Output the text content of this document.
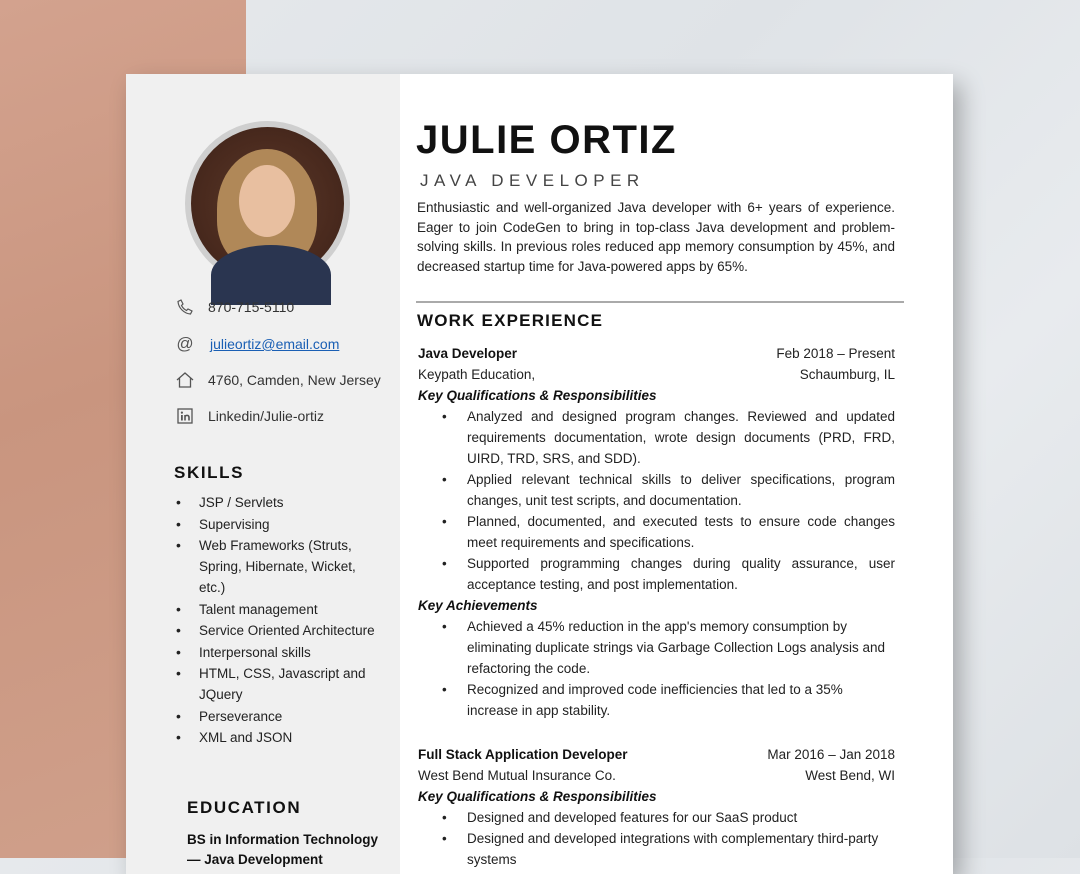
870-715-5110
@ julieortiz@email.com
4760, Camden, New Jersey
Linkedin/Julie-ortiz
SKILLS
• JSP / Servlets
• Supervising
• Web Frameworks (Struts, Spring, Hibernate, Wicket, etc.)
• Talent management
• Service Oriented Architecture
• Interpersonal skills
• HTML, CSS, Javascript and JQuery
• Perseverance
• XML and JSON
EDUCATION
BS in Information Technology — Java Development
JULIE ORTIZ
JAVA DEVELOPER
Enthusiastic and well-organized Java developer with 6+ years of experience. Eager to join CodeGen to bring in top-class Java development and problem-solving skills. In previous roles reduced app memory consumption by 45%, and decreased startup time for Java-powered apps by 65%.
WORK EXPERIENCE
Java Developer	Feb 2018 – Present
Keypath Education,	Schaumburg, IL
Key Qualifications & Responsibilities
• Analyzed and designed program changes. Reviewed and updated requirements documentation, wrote design documents (PRD, FRD, UIRD, TRD, SRS, and SDD).
• Applied relevant technical skills to deliver specifications, program changes, unit test scripts, and documentation.
• Planned, documented, and executed tests to ensure code changes meet requirements and specifications.
• Supported programming changes during quality assurance, user acceptance testing, and post implementation.
Key Achievements
• Achieved a 45% reduction in the app's memory consumption by eliminating duplicate strings via Garbage Collection Logs analysis and refactoring the code.
• Recognized and improved code inefficiencies that led to a 35% increase in app stability.
Full Stack Application Developer	Mar 2016 – Jan 2018
West Bend Mutual Insurance Co.	West Bend, WI
Key Qualifications & Responsibilities
• Designed and developed features for our SaaS product
• Designed and developed integrations with complementary third-party systems
